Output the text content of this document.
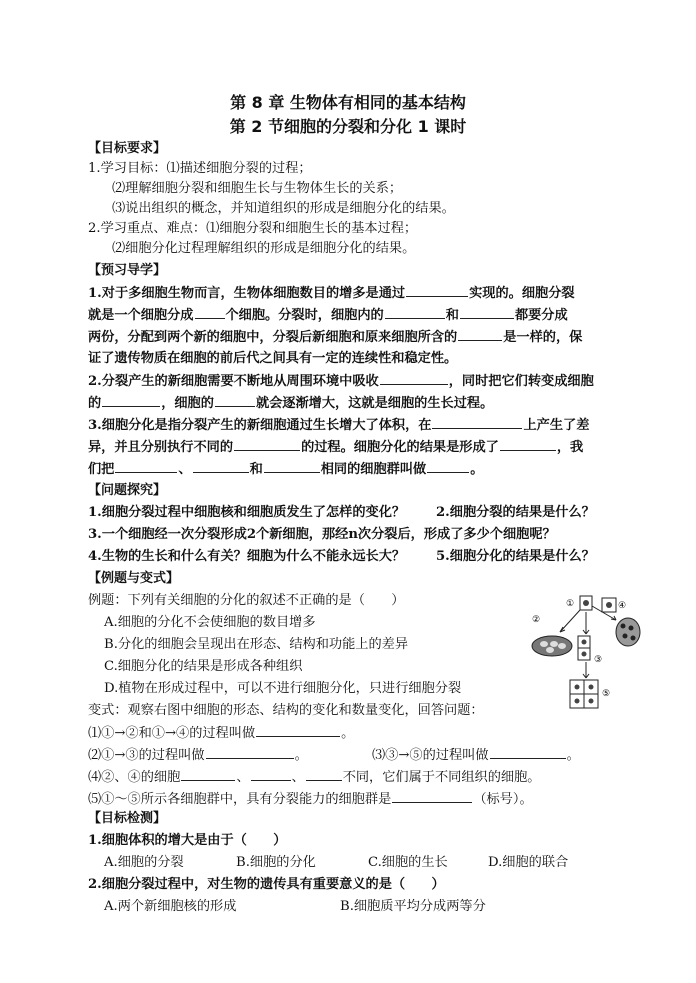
第 8 章 生物体有相同的基本结构
第 2 节细胞的分裂和分化 1 课时
【目标要求】
1.学习目标：⑴描述细胞分裂的过程；
⑵理解细胞分裂和细胞生长与生物体生长的关系；
⑶说出组织的概念，并知道组织的形成是细胞分化的结果。
2.学习重点、难点：⑴细胞分裂和细胞生长的基本过程；
⑵细胞分化过程理解组织的形成是细胞分化的结果。
【预习导学】
1.对于多细胞生物而言，生物体细胞数目的增多是通过	实现的。细胞分裂
就是一个细胞分成 个细胞。分裂时，细胞内的	和	都要分成
两份，分配到两个新的细胞中，分裂后新细胞和原来细胞所含的	是一样的，保
证了遗传物质在细胞的前后代之间具有一定的连续性和稳定性。
2.分裂产生的新细胞需要不断地从周围环境中吸收	，同时把它们转变成细胞
的	，细胞的	就会逐渐增大，这就是细胞的生长过程。
3.细胞分化是指分裂产生的新细胞通过生长增大了体积，在	上产生了差
异，并且分别执行不同的	的过程。细胞分化的结果是形成了	，我
们把	、	和	相同的细胞群叫做	。
【问题探究】
1.细胞分裂过程中细胞核和细胞质发生了怎样的变化？ 2.细胞分裂的结果是什么？
3.一个细胞经一次分裂形成2个新细胞，那经n次分裂后，形成了多少个细胞呢？
4.生物的生长和什么有关？细胞为什么不能永远长大？ 5.细胞分化的结果是什么？
【例题与变式】
例题：下列有关细胞的分化的叙述不正确的是（　　）
A.细胞的分化不会使细胞的数目增多
B.分化的细胞会呈现出在形态、结构和功能上的差异
C.细胞分化的结果是形成各种组织
D.植物在形成过程中，可以不进行细胞分化，只进行细胞分裂
变式：观察右图中细胞的形态、结构的变化和数量变化，回答问题：
⑴①→②和①→④的过程叫做	。
⑵①→③的过程叫做	。	⑶③→⑤的过程叫做	。
⑷②、④的细胞	、	、	不同，它们属于不同组织的细胞。
⑸①～⑤所示各细胞群中，具有分裂能力的细胞群是	（标号）。
①	④
②
③
⑤
【目标检测】
1.细胞体积的增大是由于（　　）
A.细胞的分裂	B.细胞的分化	C.细胞的生长	D.细胞的联合
2.细胞分裂过程中，对生物的遗传具有重要意义的是（　　）
A.两个新细胞核的形成	B.细胞质平均分成两等分
